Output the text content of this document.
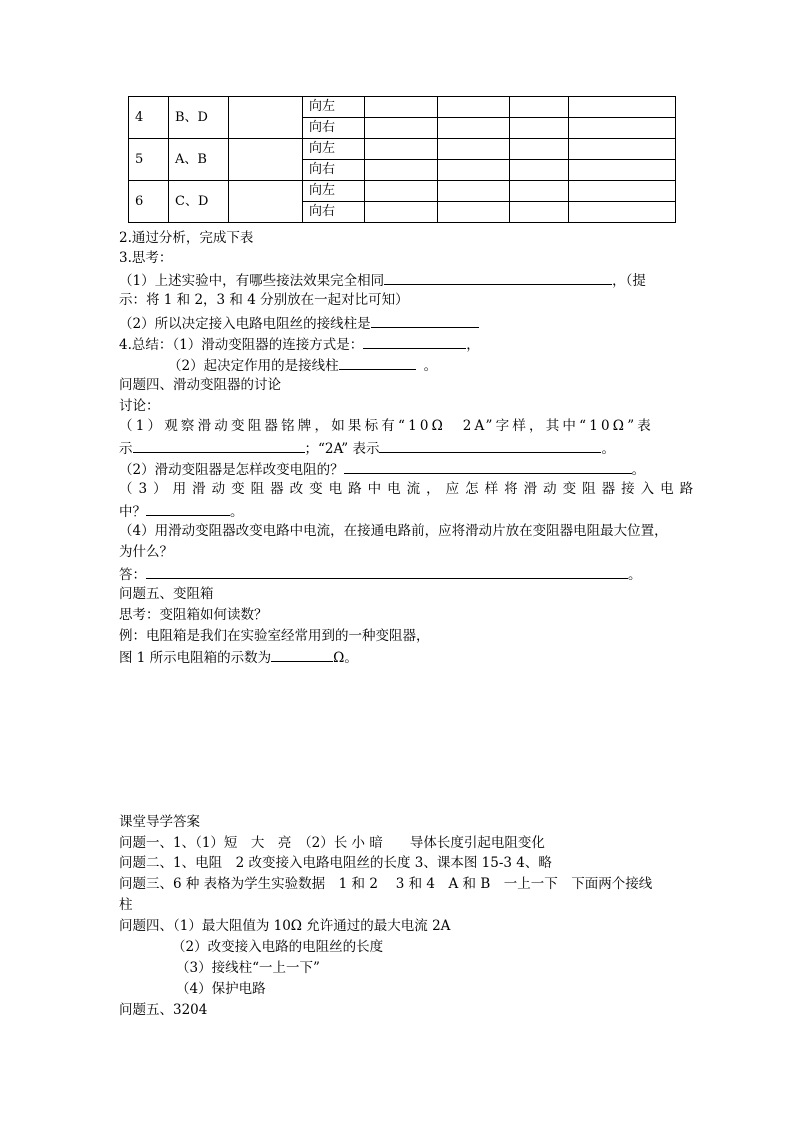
4	B、D		向左				
			向右				
5	A、B		向左				
			向右				
6	C、D		向左				
			向右				
2.通过分析，完成下表
3.思考：
（1）上述实验中，有哪些接法效果完全相同	，（提
示：将 1 和 2，3 和 4 分别放在一起对比可知）
（2）所以决定接入电路电阻丝的接线柱是
4.总结：（1）滑动变阻器的连接方式是：	，
（2）起决定作用的是接线柱	。
问题四、滑动变阻器的讨论
讨论：
（1）观察滑动变阻器铭牌，如果标有“10Ω　2A”字样，其中“10Ω”表
示	；“2A” 表示	。
（2）滑动变阻器是怎样改变电阻的？	。
（3）用滑动变阻器改变电路中电流，应怎样将滑动变阻器接入电路
中？	。
（4）用滑动变阻器改变电路中电流，在接通电路前，应将滑动片放在变阻器电阻最大位置，
为什么？
答：	。
问题五、变阻箱
思考：变阻箱如何读数？
例：电阻箱是我们在实验室经常用到的一种变阻器，
图 1 所示电阻箱的示数为	Ω。
课堂导学答案
问题一、1、（1）短　大　亮　（2）长 小 暗　　导体长度引起电阻变化
问题二、1、电阻　2 改变接入电路电阻丝的长度 3、课本图 15-3 4、略
问题三、6 种 表格为学生实验数据　1 和 2　 3 和 4　A 和 B　一上一下　下面两个接线
柱
问题四、（1）最大阻值为 10Ω 允许通过的最大电流 2A
（2）改变接入电路的电阻丝的长度
（3）接线柱“一上一下”
（4）保护电路
问题五、3204
